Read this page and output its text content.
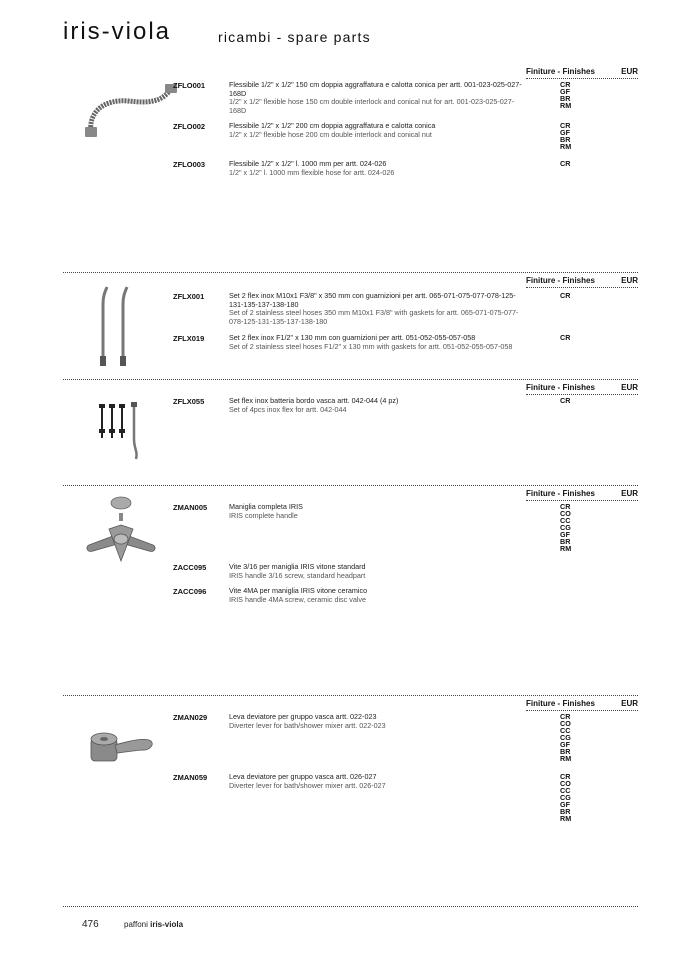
iris-viola	ricambi - spare parts
Finiture - Finishes	EUR
ZFLO001	Flessibile 1/2" x 1/2" 150 cm doppia aggraffatura e calotta conica per artt. 001-023-025-027-168D
1/2" x 1/2" flexible hose 150 cm double interlock and conical nut for art. 001-023-025-027-168D
CR
GF
BR
RM
ZFLO002	Flessibile 1/2" x 1/2" 200 cm doppia aggraffatura e calotta conica
1/2" x 1/2" flexible hose 200 cm double interlock and conical nut
CR
GF
BR
RM
ZFLO003	Flessibile 1/2" x 1/2" l. 1000 mm per artt. 024-026
1/2" x 1/2" l. 1000 mm flexible hose for artt. 024-026
CR
Finiture - Finishes	EUR
ZFLX001	Set 2 flex inox M10x1 F3/8" x 350 mm con guarnizioni per artt. 065-071-075-077-078-125-131-135-137-138-180
Set of 2 stainless steel hoses 350 mm M10x1 F3/8" with gaskets for artt. 065-071-075-077-078-125-131-135-137-138-180
CR
ZFLX019	Set 2 flex inox F1/2" x 130 mm con guarnizioni per artt. 051-052-055-057-058
Set of 2 stainless steel hoses F1/2" x 130 mm with gaskets for artt. 051-052-055-057-058
CR
Finiture - Finishes	EUR
ZFLX055	Set flex inox batteria bordo vasca artt. 042-044 (4 pz)
Set of 4pcs inox flex for artt. 042-044
CR
Finiture - Finishes	EUR
ZMAN005	Maniglia completa IRIS
IRIS complete handle
CR
CO
CC
CG
GF
BR
RM
ZACC095	Vite 3/16 per maniglia IRIS vitone standard
IRIS handle 3/16 screw, standard headpart
ZACC096	Vite 4MA per maniglia IRIS vitone ceramico
IRIS handle 4MA screw, ceramic disc valve
Finiture - Finishes	EUR
ZMAN029	Leva deviatore per gruppo vasca artt. 022-023
Diverter lever for bath/shower mixer artt. 022-023
CR
CO
CC
CG
GF
BR
RM
ZMAN059	Leva deviatore per gruppo vasca artt. 026-027
Diverter lever for bath/shower mixer artt. 026-027
CR
CO
CC
CG
GF
BR
RM
476	paffoni iris-viola
